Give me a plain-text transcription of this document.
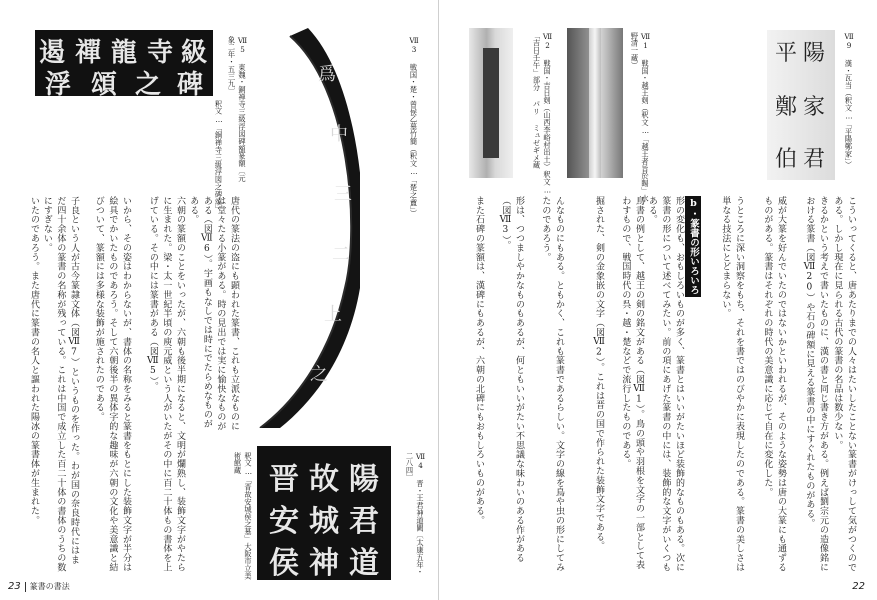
遏 禪 龍 寺 級
浮 頌 之 碑	Ⅶ5 東魏・銅禅寺三級浮図碑額篆額〔元象二年・五三九〕
釈文…「銅禅寺三級浮図之碑頌」
爲
中
三
二
上
之
Ⅶ3 戦国・楚・曾侯乙墓竹簡（釈文…「楚之盦」）
唐代の篆法の盗にも顕われた篆書、これも立派なものには堂々たる小篆がある。時の見出では実に愉快なものがある（図Ⅶ6）。宇画もなしでは時にでたらめなものがある。
六朝の篆額のことをいったが、六朝も後半期になると、文明が爛熟し、装飾文字がやたらに生まれた。梁・太一世紀半頃の庾元威という人がいたがその中に百二十体もの書体を上げている。その中には篆書がある（図Ⅶ5）。
いから、その姿はわからないが、書体の名称をみると篆書をもとにした装飾文字が半分は絵具でかいたものであろう。そして六朝後半の異体字的な趣味が六朝の文化や美意識と結びついて、篆額には多様な装飾が施されたのである。
子良という人が古今篆隷文体（図Ⅶ7）というものを作った。わが国の奈良時代にはまだ四十余体の篆書の名称が残っている。これは中国で成立した百二十体の書体のうちの数にすぎない。
いたのであろう。また唐代に篆書の名人と謳われた陽冰の篆書体が生まれた。	晋 故 陽
安 城 君
侯 神 道	Ⅶ4 晋・王君神道闕〔太康五年・二八四〕
釈文…「晋故安城侯之墓」大阪市立美術館蔵
23 篆書の書法
平 陽
鄭 家
伯 君	Ⅶ9 漢・瓦当（釈文…「平陽鄭家」）
Ⅶ1 戦国・越王剣（釈文…「越王者旨於睗」水野清一蔵）
Ⅶ2 戦国・吉日剣（山西李峪村出土）釈文…「吉日壬午」部分 パリ ミュゼギメ蔵
こういってくると、唐あたりまでの人々はたいしたことない篆書がけっして気がつくのである。しかし現在に見られる古代の篆書の名品は数少ない。
きるかという考えで書いたものに、漢の書と同じ書き方がある。例えば劉宗元の造像銘における篆書（図Ⅶ20）や石の碑額に見える篆書の中にすぐれたものがある。
威が大篆を好んでいたのではないかといわれるが、そのような姿勢は唐の大篆にも通ずるものがある。篆書はそれぞれの時代の美意識に応じて自在に変化した。
うところに深い洞察をもち、それを書ではのびやかに表現したのである。篆書の美しさは単なる技法にとどまらない。
b・篆書の形いろいろ
形の変化も、おもしろいものが多く、篆書とはいいがたいほど装飾的なものもある。次に篆書の形について述べてみたい。前の項にあげた篆書の中には、装飾的な文字がいくつもある。
鳥書の例として、越王の剣の銘文がある（図Ⅶ1）。鳥の頭や羽根を文字の一部として表わすもので、戦国時代の呉・越・楚などで流行したものである。
掘された、剣の金象嵌の文字（図Ⅶ2）。これは晋の国で作られた装飾文字である。
んなものにもある。ともかく、これも篆書であるらしい。文字の線を鳥や虫の形にしてみたのであろう。
形は、つつましやかなものもあるが、何ともいいがたい不思議な味わいのある作がある（図Ⅶ3）。
また石碑の篆額は、漢碑にもあるが、六朝の北碑にもおもしろいものがある。
22
